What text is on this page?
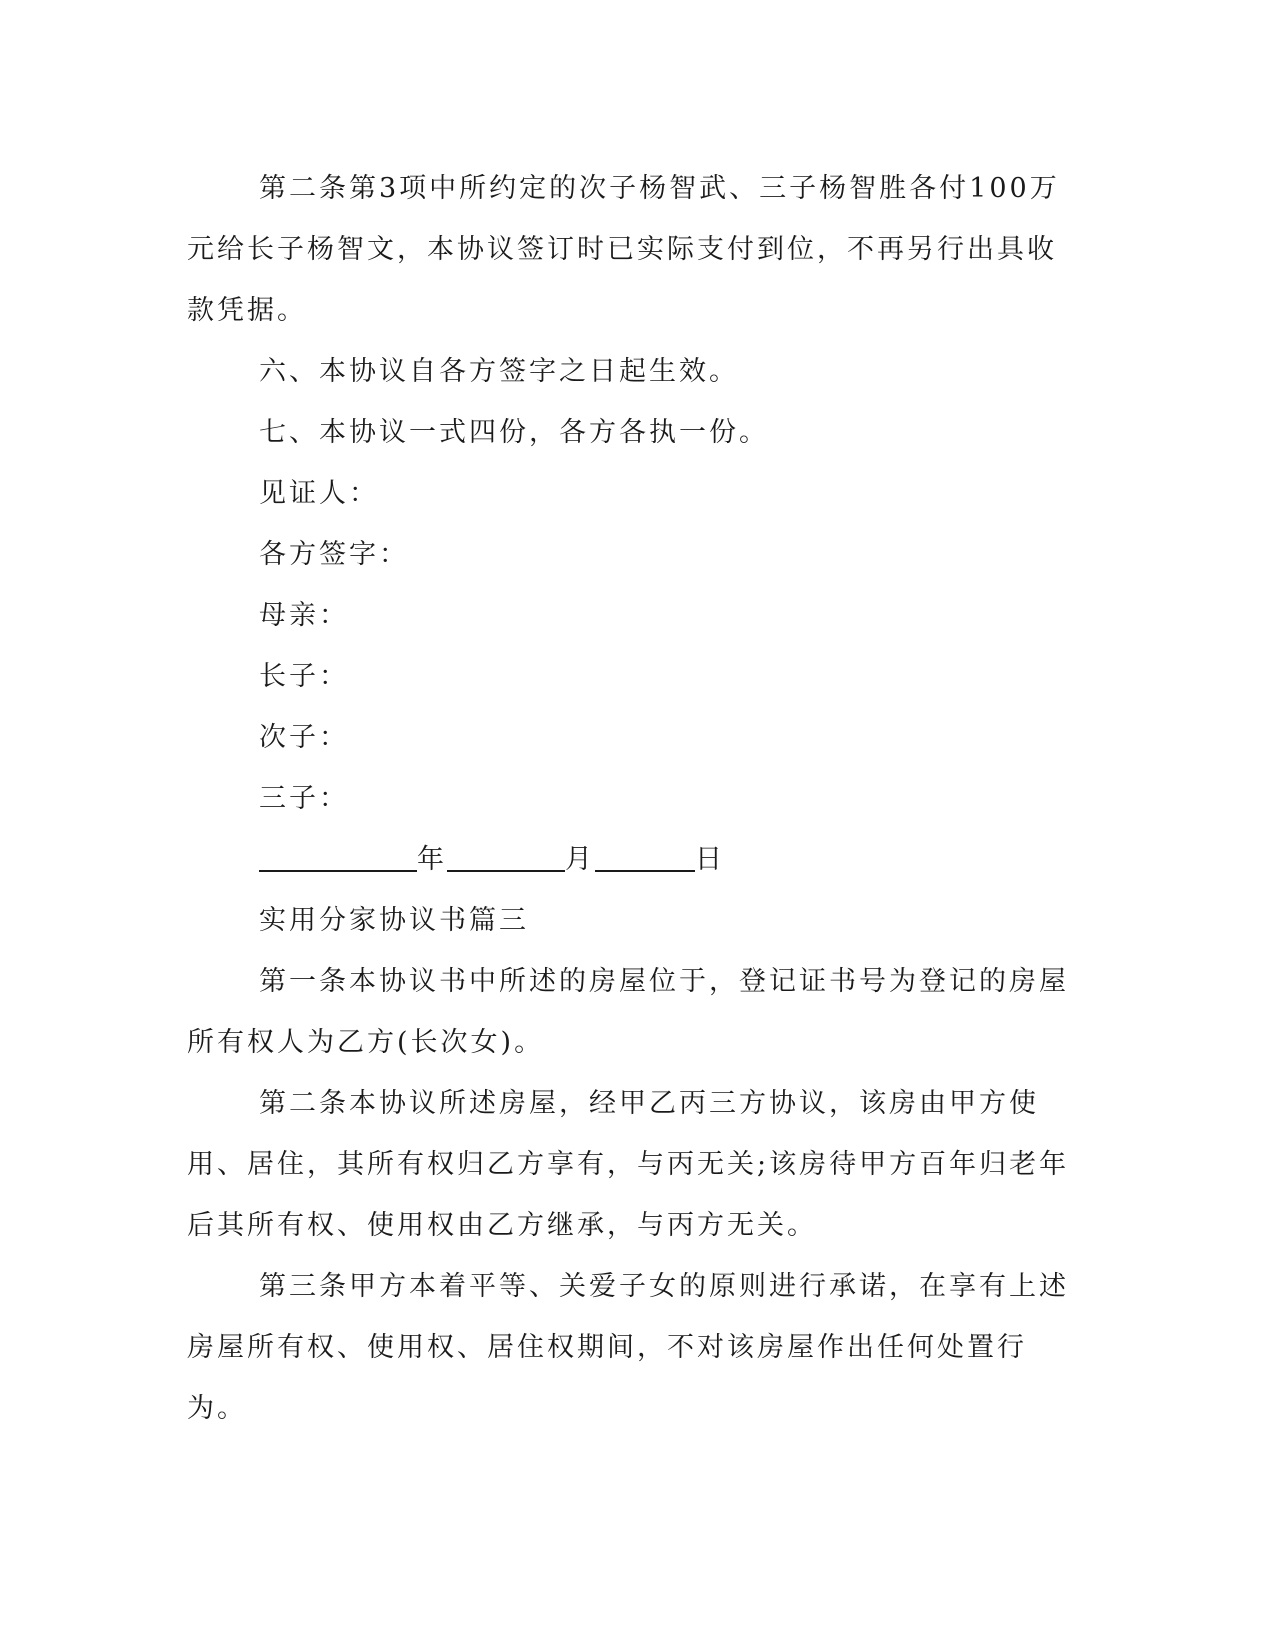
第二条第3项中所约定的次子杨智武、三子杨智胜各付100万元给长子杨智文，本协议签订时已实际支付到位，不再另行出具收款凭据。

六、本协议自各方签字之日起生效。

七、本协议一式四份，各方各执一份。

见证人：

各方签字：

母亲：

长子：

次子：

三子：

年	月	日

实用分家协议书篇三

第一条本协议书中所述的房屋位于，登记证书号为登记的房屋所有权人为乙方(长次女)。

第二条本协议所述房屋，经甲乙丙三方协议，该房由甲方使用、居住，其所有权归乙方享有，与丙无关;该房待甲方百年归老年后其所有权、使用权由乙方继承，与丙方无关。

第三条甲方本着平等、关爱子女的原则进行承诺，在享有上述房屋所有权、使用权、居住权期间，不对该房屋作出任何处置行为。
